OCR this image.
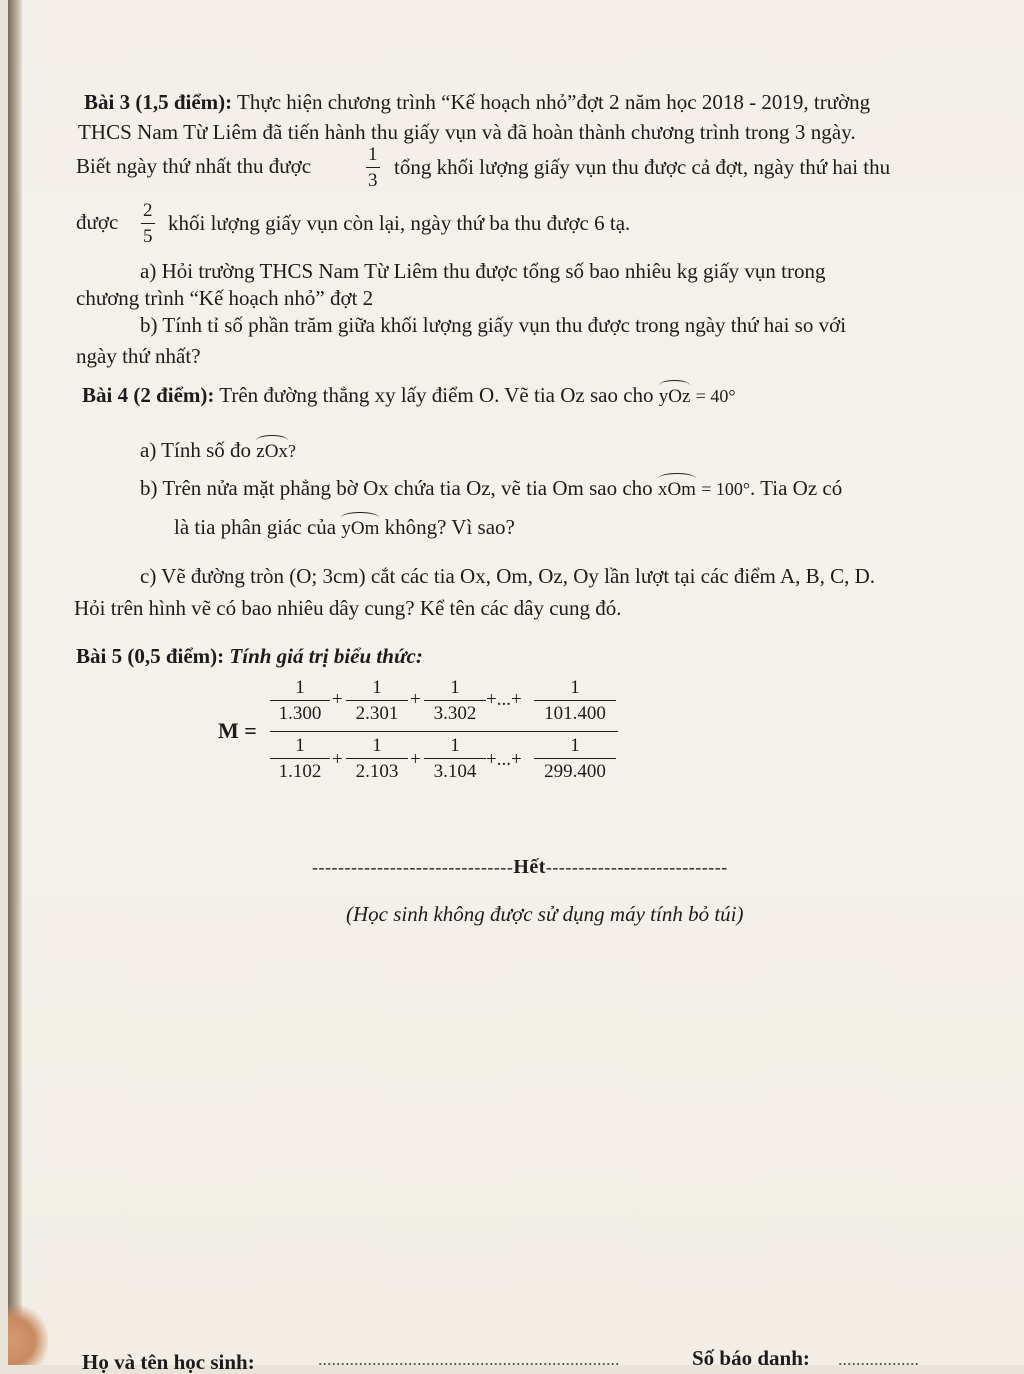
Bài 3 (1,5 điểm): Thực hiện chương trình “Kế hoạch nhỏ”đợt 2 năm học 2018 - 2019, trường
THCS Nam Từ Liêm đã tiến hành thu giấy vụn và đã hoàn thành chương trình trong 3 ngày.
Biết ngày thứ nhất thu được	1
3
tổng khối lượng giấy vụn thu được cả đợt, ngày thứ hai thu
được 2
5
khối lượng giấy vụn còn lại, ngày thứ ba thu được 6 tạ.
a) Hỏi trường THCS Nam Từ Liêm thu được tổng số bao nhiêu kg giấy vụn trong
chương trình “Kế hoạch nhỏ” đợt 2
b) Tính tỉ số phần trăm giữa khối lượng giấy vụn thu được trong ngày thứ hai so với
ngày thứ nhất?
Bài 4 (2 điểm): Trên đường thẳng xy lấy điểm O. Vẽ tia Oz sao cho yOz = 40°
a) Tính số đo zOx?
b) Trên nửa mặt phẳng bờ Ox chứa tia Oz, vẽ tia Om sao cho xOm = 100°. Tia Oz có
là tia phân giác của yOm không? Vì sao?
c) Vẽ đường tròn (O; 3cm) cắt các tia Ox, Om, Oz, Oy lần lượt tại các điểm A, B, C, D.
Hỏi trên hình vẽ có bao nhiêu dây cung? Kể tên các dây cung đó.
Bài 5 (0,5 điểm): Tính giá trị biểu thức:
M =
1
1.300
+
1
2.301
+
1
3.302
+...+
1
101.400
1
1.102
+
1
2.103
+
1
3.104
+...+
1
299.400
-------------------------------Hết----------------------------
(Học sinh không được sử dụng máy tính bỏ túi)
Họ và tên học sinh:	...................................................................	Số báo danh: ..................
